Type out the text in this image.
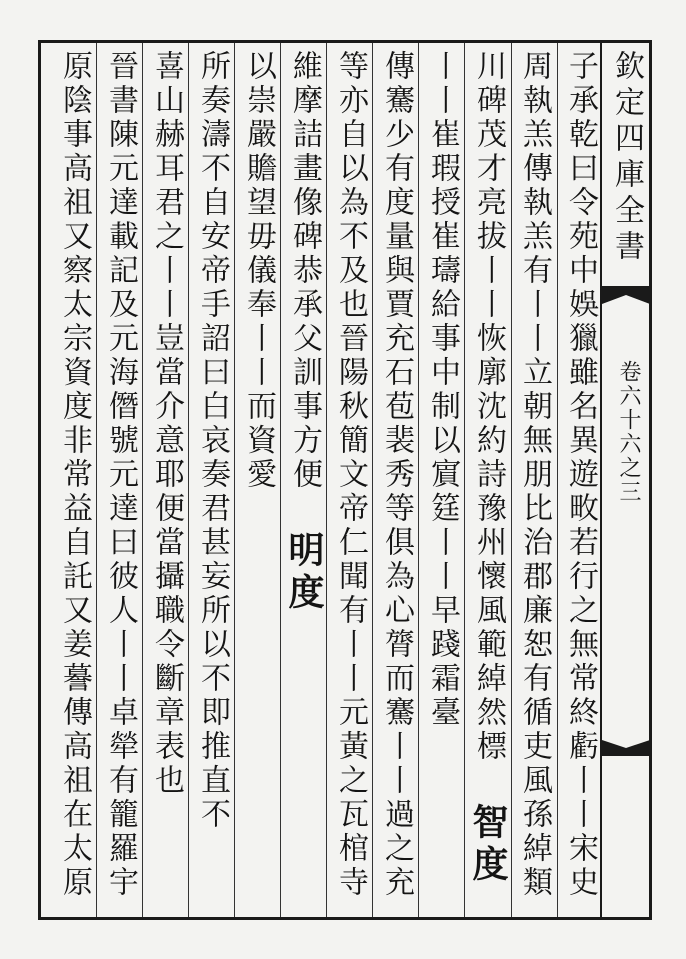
欽定四庫全書
卷六十六之三
子承乾曰令苑中娛獵雖名異遊畋若行之無常終虧丨丨宋史
周執羔傳執羔有丨丨立朝無朋比治郡廉恕有循吏風孫綽類
川碑茂才亮拔丨丨恢廓沈約詩豫州懷風範綽然標 智度
丨丨崔瑕授崔璹給事中制以賔筳丨丨早踐霜臺
傳騫少有度量與賈充石苞裴秀等俱為心膂而騫丨丨過之充
等亦自以為不及也晉陽秋簡文帝仁聞有丨丨元黃之瓦棺寺
維摩詰畫像碑恭承父訓事方便 明度
以崇嚴贍望毋儀奉丨丨而資愛
所奏濤不自安帝手詔曰白哀奏君甚妄所以不即推直不
喜山赫耳君之丨丨豈當介意耶便當攝職令斷章表也
晉書陳元達載記及元海僭號元達曰彼人丨丨卓犖有籠羅宇
原陰事高祖又察太宗資度非常益自託又姜謩傳高祖在太原
